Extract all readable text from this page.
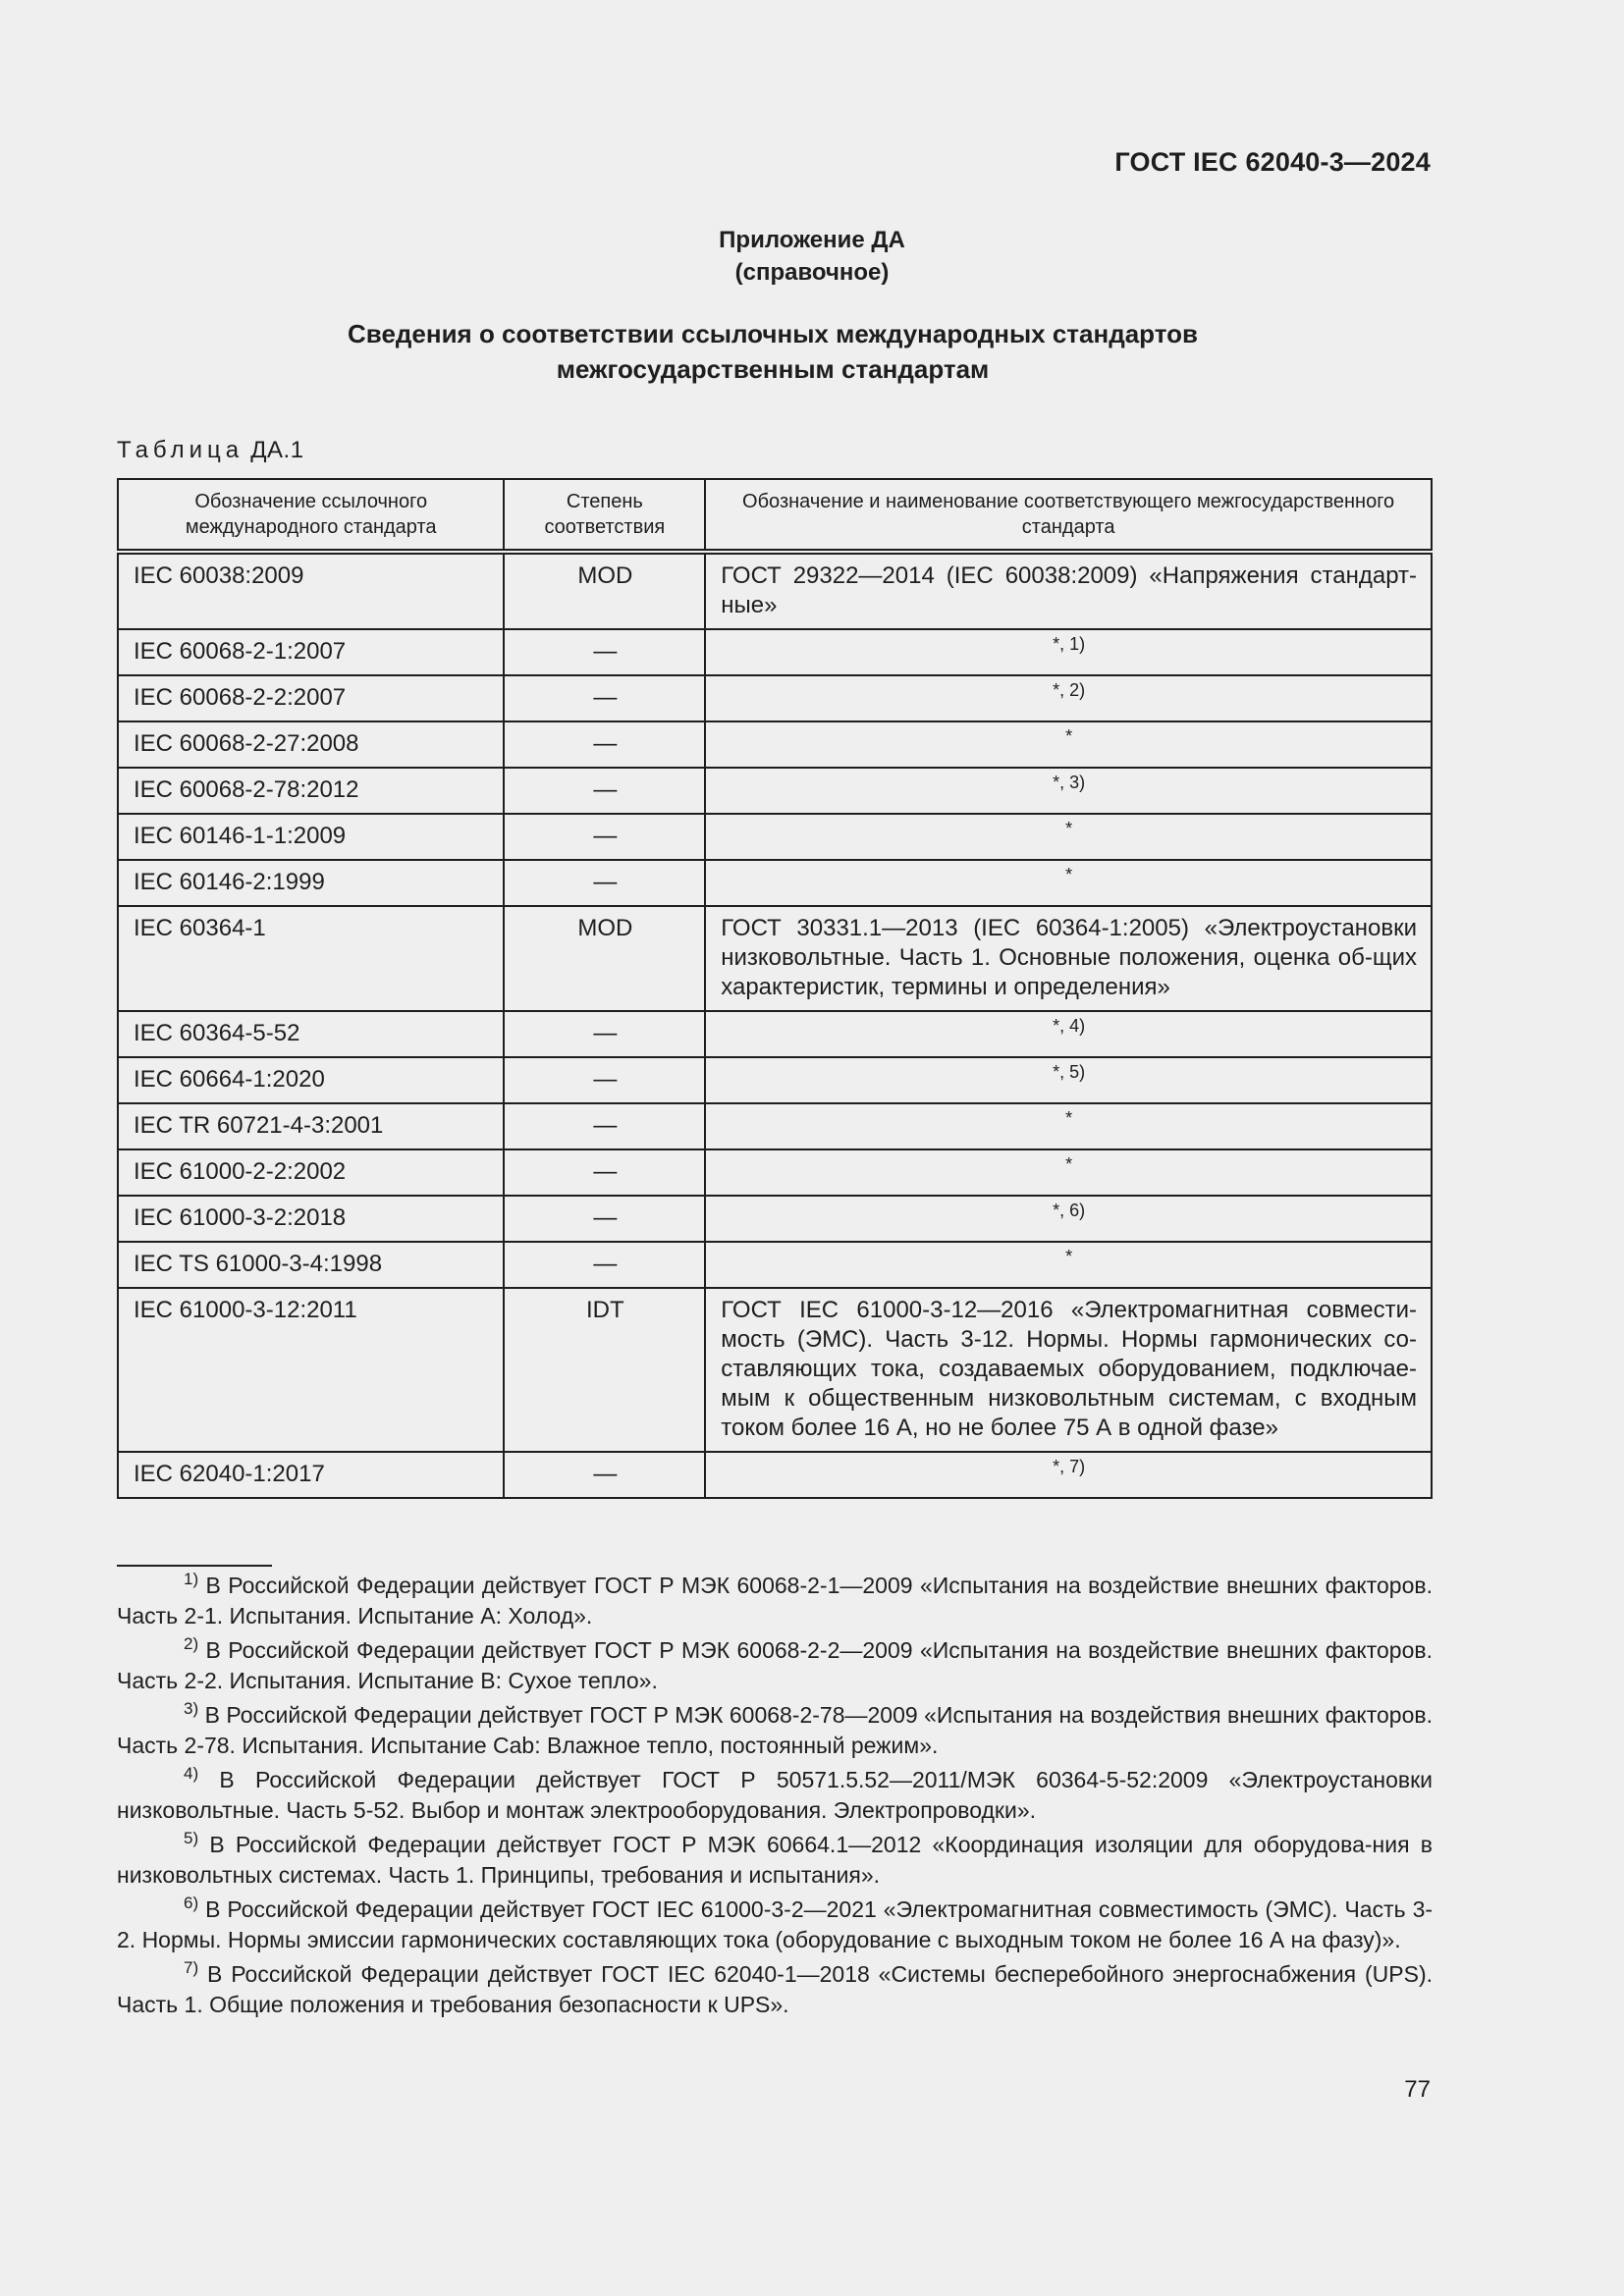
ГОСТ IEC 62040-3—2024
Приложение ДА
(справочное)
Сведения о соответствии ссылочных международных стандартов
межгосударственным стандартам
Таблица ДА.1
Обозначение ссылочного международного стандарта	Степень соответствия	Обозначение и наименование соответствующего межгосударственного стандарта
IEC 60038:2009	MOD	ГОСТ 29322—2014 (IEC 60038:2009) «Напряжения стандарт-ные»
IEC 60068-2-1:2007	—	*, 1)
IEC 60068-2-2:2007	—	*, 2)
IEC 60068-2-27:2008	—	*
IEC 60068-2-78:2012	—	*, 3)
IEC 60146-1-1:2009	—	*
IEC 60146-2:1999	—	*
IEC 60364-1	MOD	ГОСТ 30331.1—2013 (IEC 60364-1:2005) «Электроустановки низковольтные. Часть 1. Основные положения, оценка об-щих характеристик, термины и определения»
IEC 60364-5-52	—	*, 4)
IEC 60664-1:2020	—	*, 5)
IEC TR 60721-4-3:2001	—	*
IEC 61000-2-2:2002	—	*
IEC 61000-3-2:2018	—	*, 6)
IEC TS 61000-3-4:1998	—	*
IEC 61000-3-12:2011	IDT	ГОСТ IEC 61000-3-12—2016 «Электромагнитная совмести-мость (ЭМС). Часть 3-12. Нормы. Нормы гармонических со-ставляющих тока, создаваемых оборудованием, подключае-мым к общественным низковольтным системам, с входным током более 16 А, но не более 75 А в одной фазе»
IEC 62040-1:2017	—	*, 7)
$^{1)}$ В Российской Федерации действует ГОСТ Р МЭК 60068-2-1—2009 «Испытания на воздействие внешних факторов. Часть 2-1. Испытания. Испытание А: Холод».
$^{2)}$ В Российской Федерации действует ГОСТ Р МЭК 60068-2-2—2009 «Испытания на воздействие внешних факторов. Часть 2-2. Испытания. Испытание В: Сухое тепло».
$^{3)}$ В Российской Федерации действует ГОСТ Р МЭК 60068-2-78—2009 «Испытания на воздействия внешних факторов. Часть 2-78. Испытания. Испытание Cab: Влажное тепло, постоянный режим».
$^{4)}$ В Российской Федерации действует ГОСТ Р 50571.5.52—2011/МЭК 60364-5-52:2009 «Электроустановки низковольтные. Часть 5-52. Выбор и монтаж электрооборудования. Электропроводки».
$^{5)}$ В Российской Федерации действует ГОСТ Р МЭК 60664.1—2012 «Координация изоляции для оборудова-ния в низковольтных системах. Часть 1. Принципы, требования и испытания».
$^{6)}$ В Российской Федерации действует ГОСТ IEC 61000-3-2—2021 «Электромагнитная совместимость (ЭМС). Часть 3-2. Нормы. Нормы эмиссии гармонических составляющих тока (оборудование с выходным током не более 16 А на фазу)».
$^{7)}$ В Российской Федерации действует ГОСТ IEC 62040-1—2018 «Системы бесперебойного энергоснабжения (UPS). Часть 1. Общие положения и требования безопасности к UPS».
77
